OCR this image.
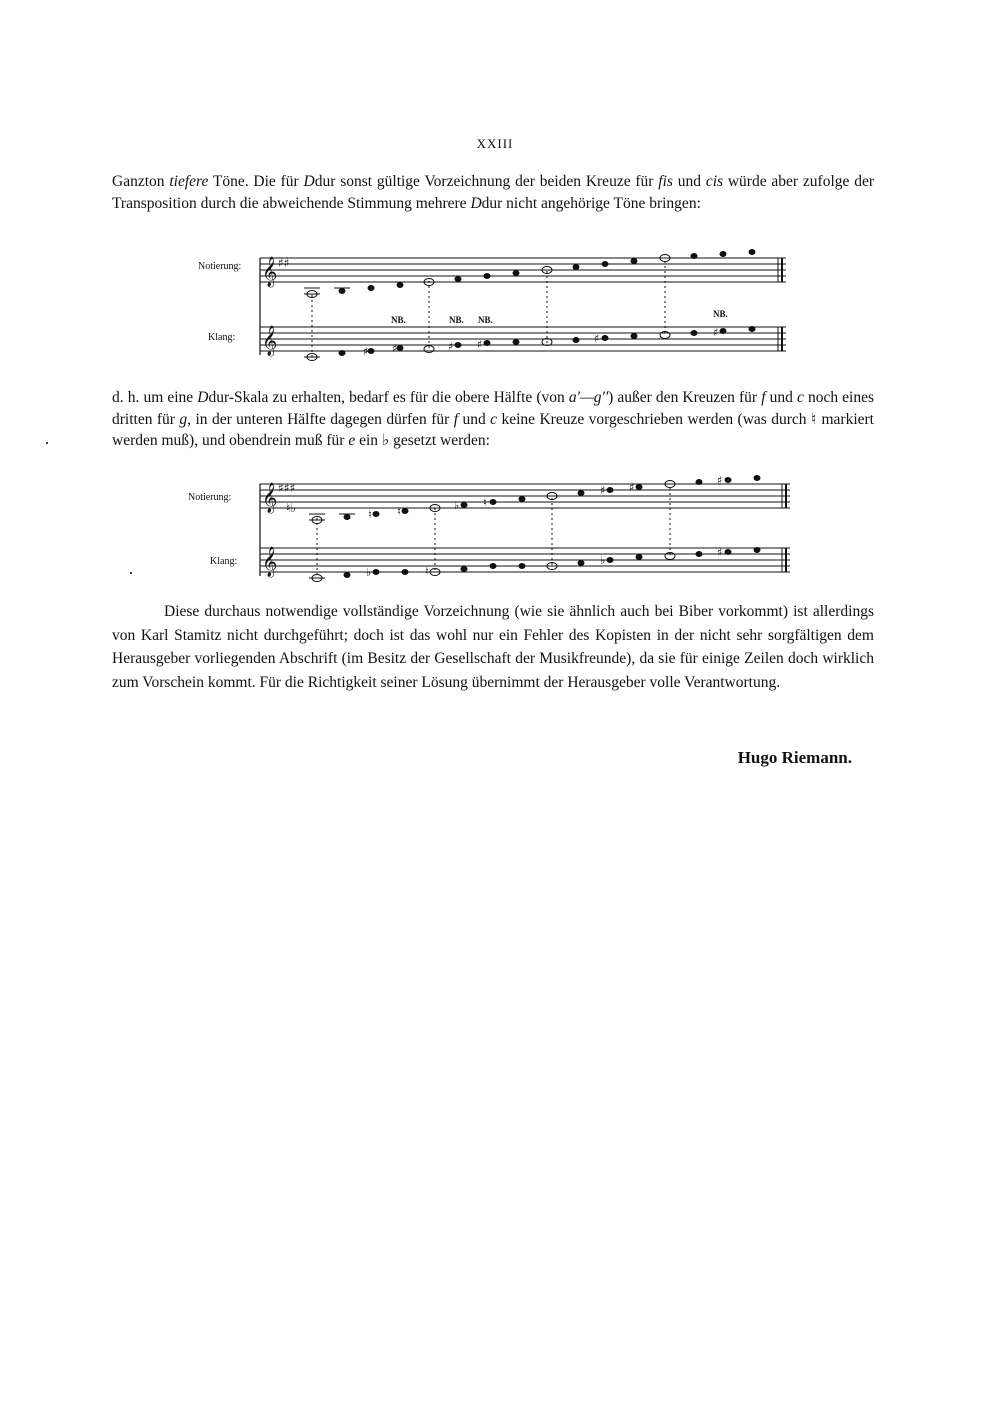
XXIII

Ganzton tiefere Töne. Die für Ddur sonst gültige Vorzeichnung der beiden Kreuze für fis und cis würde aber zufolge der Transposition durch die abweichende Stimmung mehrere Ddur nicht angehörige Töne bringen:

Notierung:
Klang:
𝄞
𝄞
♯♯
♯ ♯	♯ ♯	♯	♯
NB.	NB. NB.
NB.

d. h. um eine Ddur-Skala zu erhalten, bedarf es für die obere Hälfte (von a'—g'') außer den Kreuzen für f und c noch eines dritten für g, in der unteren Hälfte dagegen dürfen für f und c keine Kreuze vorgeschrieben werden (was durch ♮ markiert werden muß), und obendrein muß für e ein ♭ gesetzt werden:

Notierung:
Klang:
𝄞
𝄞
♯♯♯
♮♭	♮ ♮	♭ ♮
♯ ♯
♯
♭	♮
♭
♯

Diese durchaus notwendige vollständige Vorzeichnung (wie sie ähnlich auch bei Biber vorkommt) ist allerdings von Karl Stamitz nicht durchgeführt; doch ist das wohl nur ein Fehler des Kopisten in der nicht sehr sorgfältigen dem Herausgeber vorliegenden Abschrift (im Besitz der Gesellschaft der Musikfreunde), da sie für einige Zeilen doch wirklich zum Vorschein kommt. Für die Richtigkeit seiner Lösung übernimmt der Herausgeber volle Verantwortung.

Hugo Riemann.
